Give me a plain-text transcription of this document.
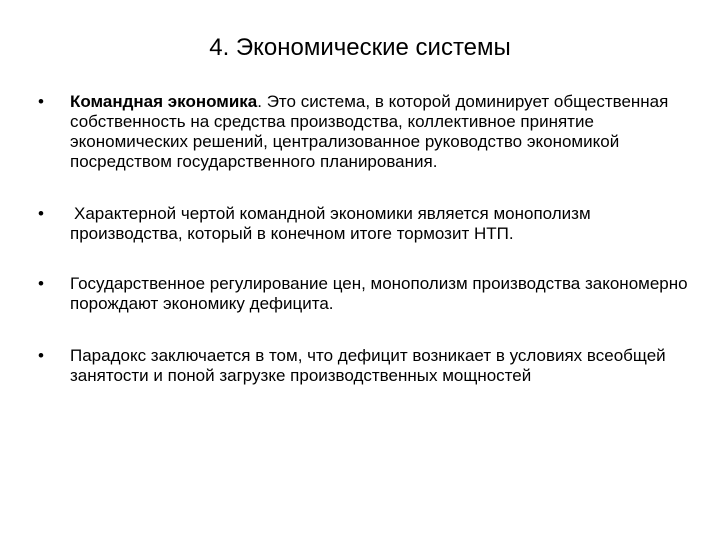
4. Экономические системы
•	Командная экономика. Это система, в которой доминирует общественная собственность на средства производства, коллективное принятие экономических решений, централизованное руководство экономикой посредством государственного планирования.
•	Характерной чертой командной экономики является монополизм производства, который в конечном итоге тормозит НТП.
•	Государственное регулирование цен, монополизм производства закономерно порождают экономику дефицита.
•	Парадокс заключается в том, что дефицит возникает в условиях всеобщей занятости и поной загрузке производственных мощностей
